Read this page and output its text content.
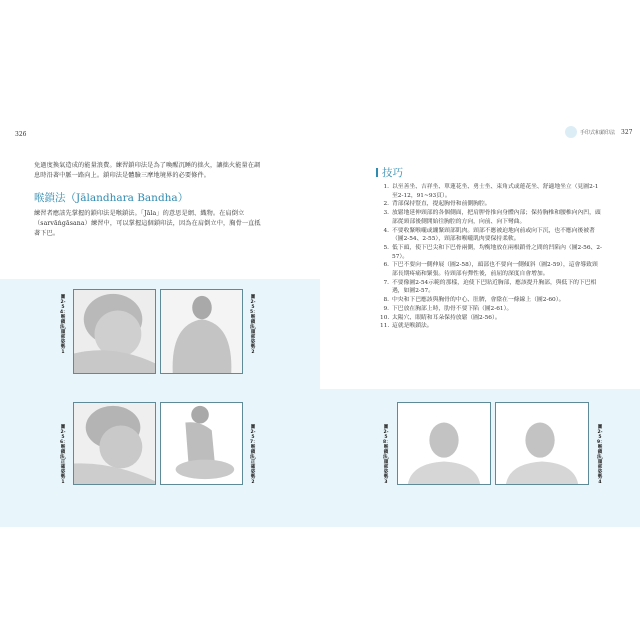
326
免過度換氣造成的能量浪費。練習鎖印法是為了喚醒沉睡的拙火，讓拙火能量在調息時沿著中脈一路向上。鎖印法是體驗三摩地境界的必要條件。
喉鎖法（Jālandhara Bandha）
練習者應該先掌握的鎖印法是喉鎖法。「Jāla」的意思是網、織物。在肩倒立（sarvāṅgāsana）練習中，可以掌握這個鎖印法，因為在肩倒立中，胸骨一直抵著下巴。
圖2-54：喉鎖法，頭部姿勢1
圖2-55：喉鎖法，頭部姿勢2
圖2-56：喉鎖法，正確姿勢1
圖2-57：喉鎖法，正確姿勢2
手印式和鎖印法 327
技巧
1. 以至善坐、吉祥坐、單蓮花坐、勇士坐、束角式或蓮花坐、舒適地坐立（見圖2-1至2-12，91~93頁）。
2. 背部保持豎直，提起胸骨和前側胸腔。
3. 放鬆地延伸頸部的各個側面，把肩胛骨推向身體內部；保持胸椎和腰椎向內凹，頭部從頸部後側開始往胸腔的方向，向前、向下彎曲。
4. 不要收緊喉嚨或繃緊頸部肌肉。頸部不應被迫地向前或向下沉，也不應向後被著（圖2-54、2-55），頸部和喉嚨肌肉要保持柔軟。
5. 低下頭，使下巴尖和下巴骨兩側，均衡地放在兩根鎖骨之間的凹陷內（圖2-56、2-57）。
6. 下巴不要向一側伸展（圖2-58），頭部也不要向一側傾斜（圖2-59），這會導致頸部長期疼痛和緊張。待頸部有彈性後，前屈的深度自會增加。
7. 不要像圖2-54示範的那樣，迫使下巴貼近胸部，應該提升胸部，與低下的下巴相遇，如圖2-57。
8. 中央和下巴應該與胸骨的中心、肚臍，會陰在一條線上（圖2-60）。
9. 下巴放在胸部上時，肋骨不要下陷（圖2-61）。
10. 太陽穴、眼睛和耳朵保持放鬆（圖2-56）。
11. 這就是喉鎖法。
圖2-58：喉鎖法，頭部姿勢3
圖2-59：喉鎖法，頭部姿勢4
